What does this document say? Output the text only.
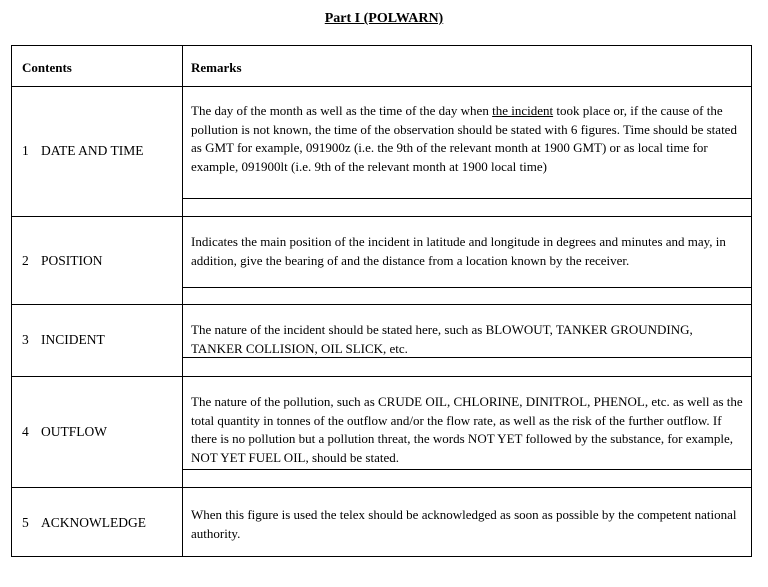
Part I (POLWARN)
Contents	Remarks
1 DATE AND TIME
The day of the month as well as the time of the day when the incident took place or, if the cause of the pollution is not known, the time of the observation should be stated with 6 figures. Time should be stated as GMT for example, 091900z (i.e. the 9th of the relevant month at 1900 GMT) or as local time for example, 091900lt (i.e. 9th of the relevant month at 1900 local time)
2 POSITION
Indicates the main position of the incident in latitude and longitude in degrees and minutes and may, in addition, give the bearing of and the distance from a location known by the receiver.
3 INCIDENT
The nature of the incident should be stated here, such as BLOWOUT, TANKER GROUNDING, TANKER COLLISION, OIL SLICK, etc.
4 OUTFLOW
The nature of the pollution, such as CRUDE OIL, CHLORINE, DINITROL, PHENOL, etc. as well as the total quantity in tonnes of the outflow and/or the flow rate, as well as the risk of the further outflow. If there is no pollution but a pollution threat, the words NOT YET followed by the substance, for example, NOT YET FUEL OIL, should be stated.
5 ACKNOWLEDGE
When this figure is used the telex should be acknowledged as soon as possible by the competent national authority.
